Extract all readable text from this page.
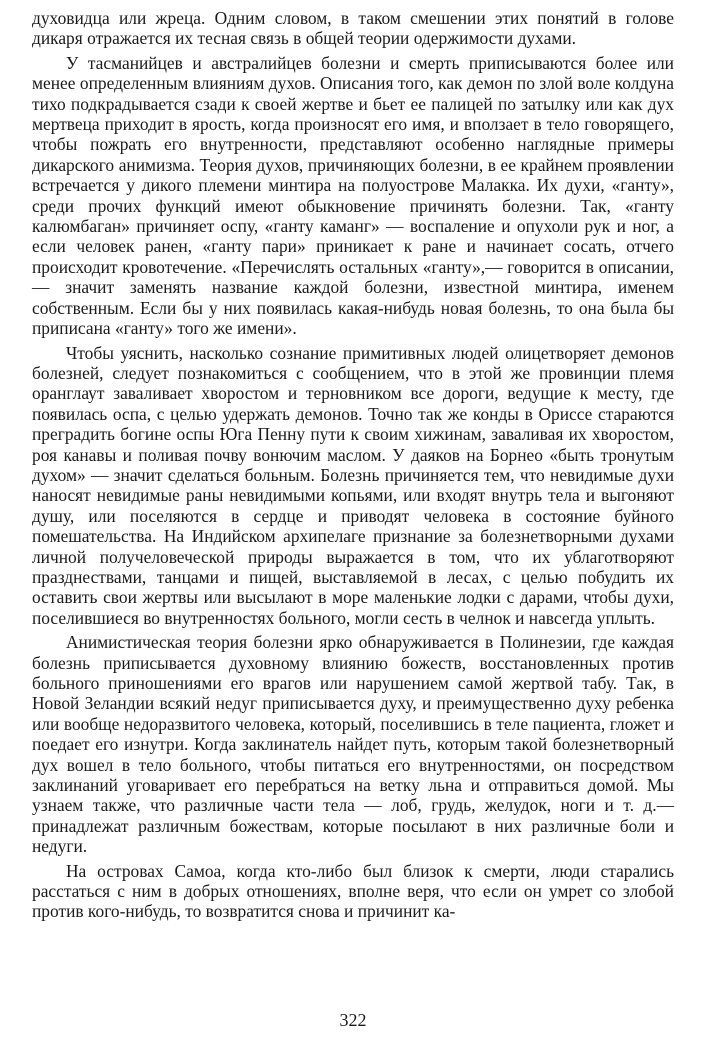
духовидца или жреца. Одним словом, в таком смешении этих понятий в голове дикаря отражается их тесная связь в общей теории одержимости духами.

У тасманийцев и австралийцев болезни и смерть приписываются более или менее определенным влияниям духов. Описания того, как демон по злой воле колдуна тихо подкрадывается сзади к своей жертве и бьет ее палицей по затылку или как дух мертвеца приходит в ярость, когда произносят его имя, и вползает в тело говорящего, чтобы пожрать его внутренности, представляют особенно наглядные примеры дикарского анимизма. Теория духов, причиняющих болезни, в ее крайнем проявлении встречается у дикого племени минтира на полуострове Малакка. Их духи, «ганту», среди прочих функций имеют обыкновение причинять болезни. Так, «ганту калюмбаган» причиняет оспу, «ганту каманг» — воспаление и опухоли рук и ног, а если человек ранен, «ганту пари» приникает к ране и начинает сосать, отчего происходит кровотечение. «Перечислять остальных «ганту»,— говорится в описании,— значит заменять название каждой болезни, известной минтира, именем собственным. Если бы у них появилась какая-нибудь новая болезнь, то она была бы приписана «ганту» того же имени».

Чтобы уяснить, насколько сознание примитивных людей олицетворяет демонов болезней, следует познакомиться с сообщением, что в этой же провинции племя оранглаут заваливает хворостом и терновником все дороги, ведущие к месту, где появилась оспа, с целью удержать демонов. Точно так же конды в Ориссе стараются преградить богине оспы Юга Пенну пути к своим хижинам, заваливая их хворостом, роя канавы и поливая почву вонючим маслом. У даяков на Борнео «быть тронутым духом» — значит сделаться больным. Болезнь причиняется тем, что невидимые духи наносят невидимые раны невидимыми копьями, или входят внутрь тела и выгоняют душу, или поселяются в сердце и приводят человека в состояние буйного помешательства. На Индийском архипелаге признание за болезнетворными духами личной получеловеческой природы выражается в том, что их ублаготворяют празднествами, танцами и пищей, выставляемой в лесах, с целью побудить их оставить свои жертвы или высылают в море маленькие лодки с дарами, чтобы духи, поселившиеся во внутренностях больного, могли сесть в челнок и навсегда уплыть.

Анимистическая теория болезни ярко обнаруживается в Полинезии, где каждая болезнь приписывается духовному влиянию божеств, восстановленных против больного приношениями его врагов или нарушением самой жертвой табу. Так, в Новой Зеландии всякий недуг приписывается духу, и преимущественно духу ребенка или вообще недоразвитого человека, который, поселившись в теле пациента, гложет и поедает его изнутри. Когда заклинатель найдет путь, которым такой болезнетворный дух вошел в тело больного, чтобы питаться его внутренностями, он посредством заклинаний уговаривает его перебраться на ветку льна и отправиться домой. Мы узнаем также, что различные части тела — лоб, грудь, желудок, ноги и т. д.— принадлежат различным божествам, которые посылают в них различные боли и недуги.

На островах Самоа, когда кто-либо был близок к смерти, люди старались расстаться с ним в добрых отношениях, вполне веря, что если он умрет со злобой против кого-нибудь, то возвратится снова и причинит ка-

322
